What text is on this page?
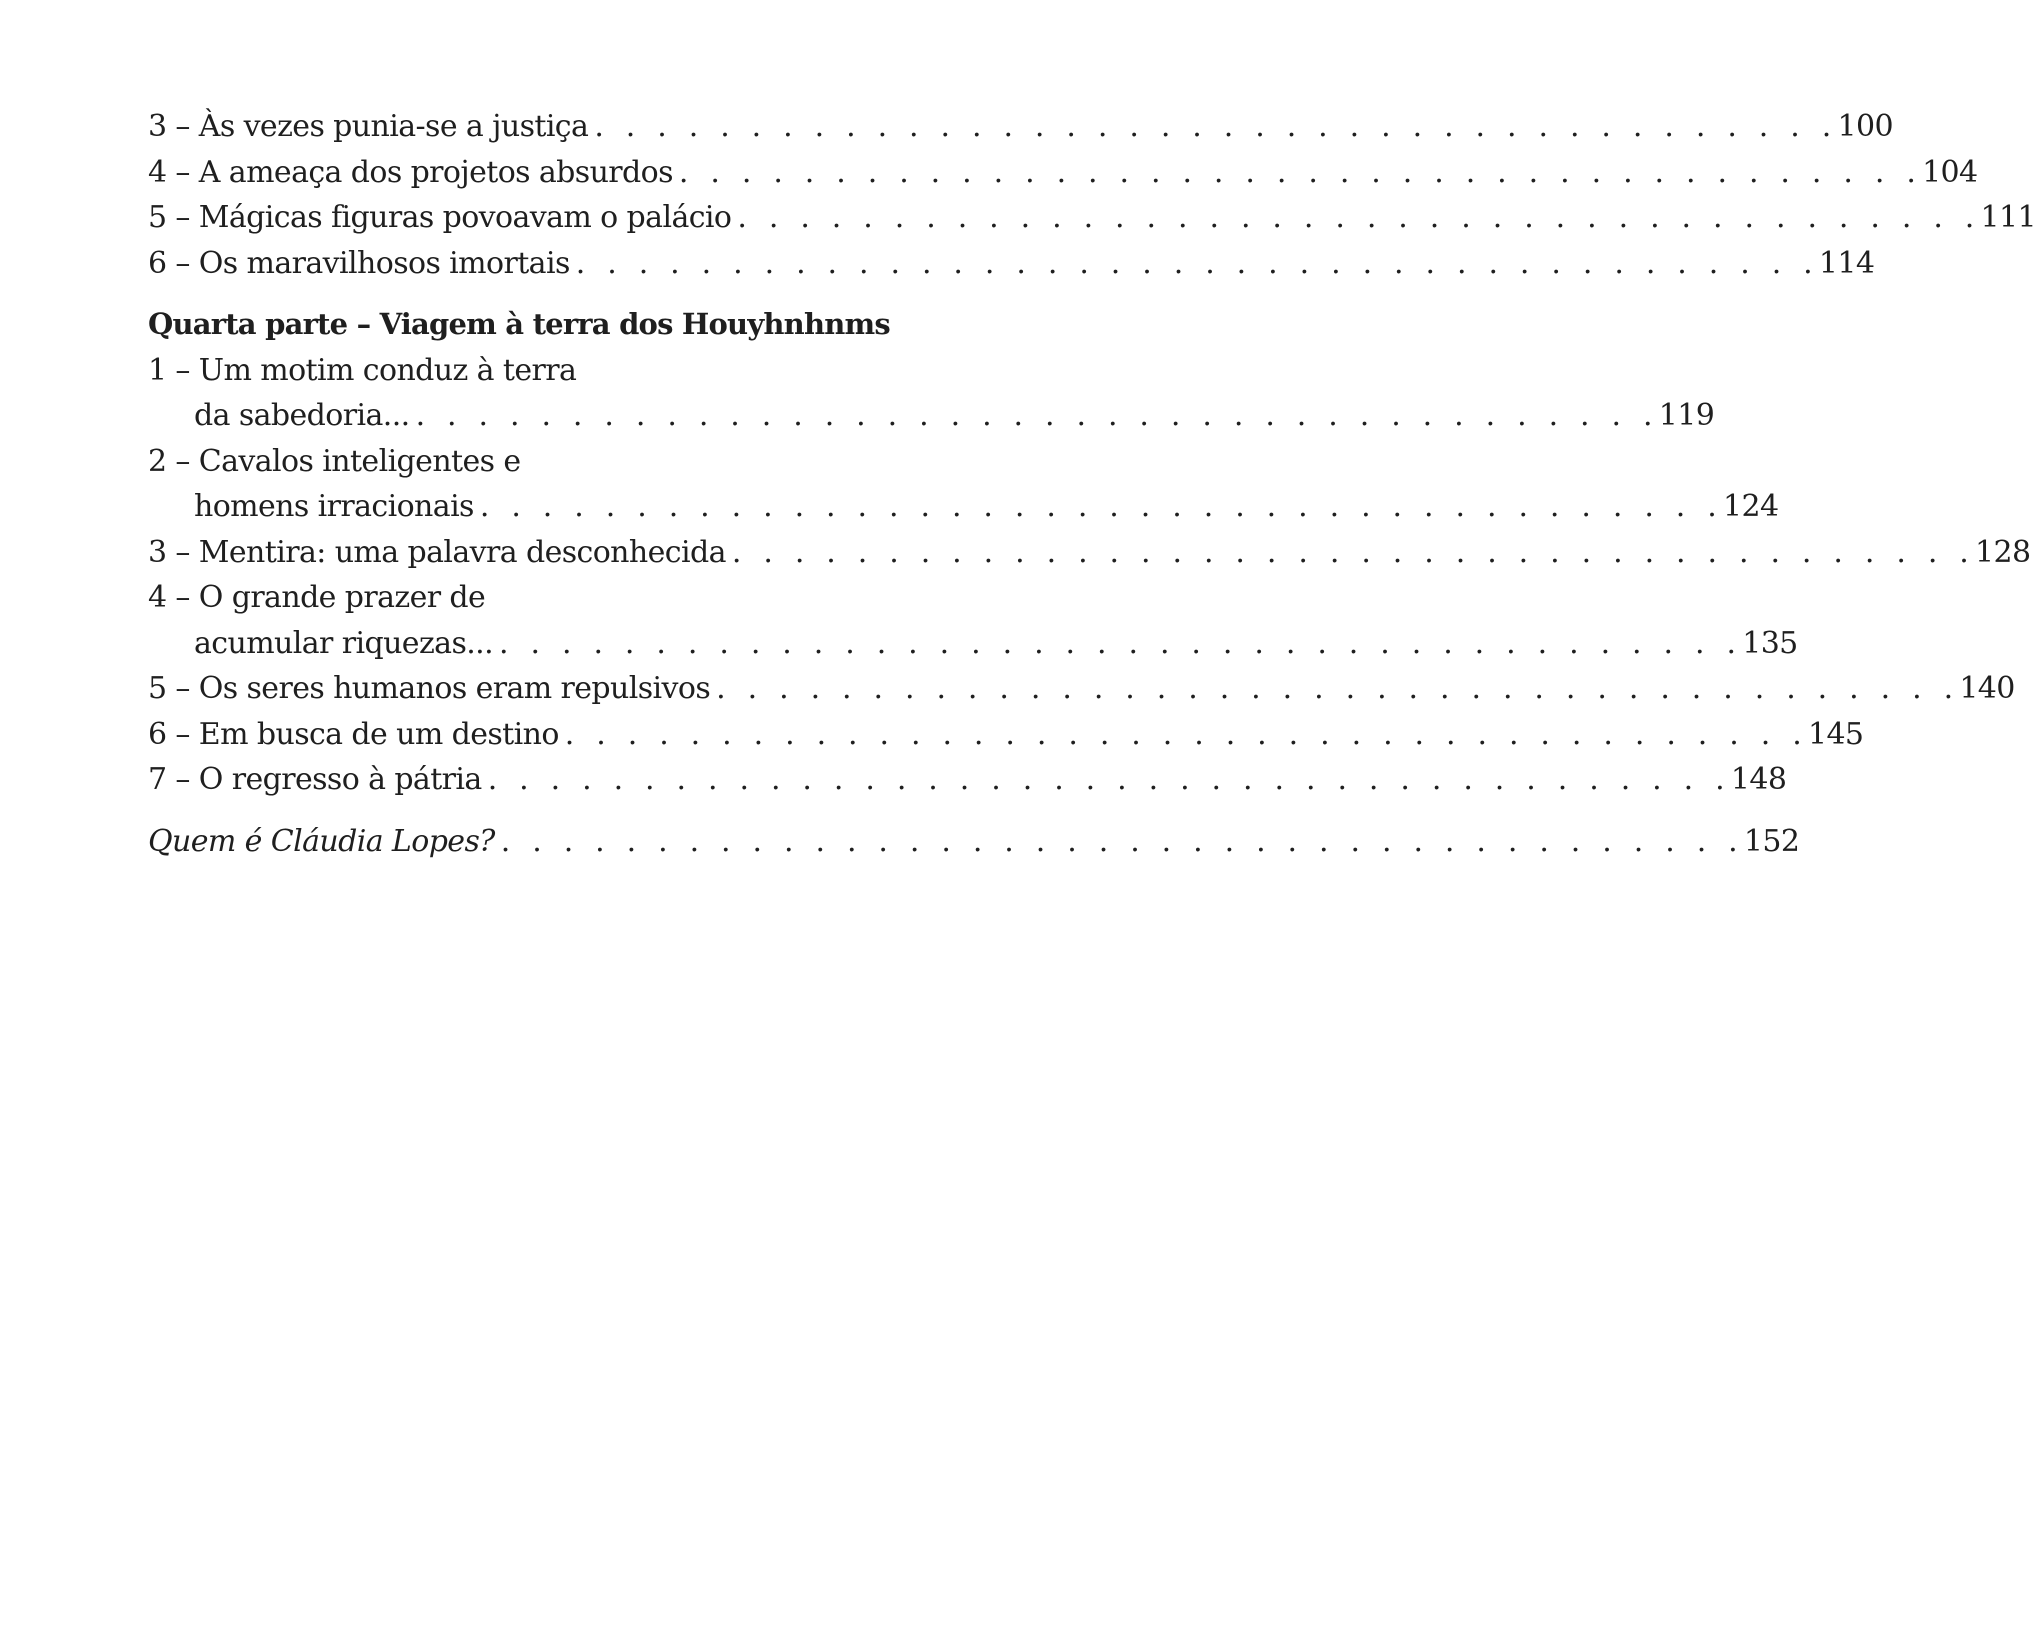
3 – Às vezes punia-se a justiça . . . . . . . . . . . . . . . . . . . . . . . . . . . . . . . . . . . . . . . . 100
4 – A ameaça dos projetos absurdos . . . . . . . . . . . . . . . . . . . . . . . . . . . . . . . . . . . . . . . . 104
5 – Mágicas figuras povoavam o palácio . . . . . . . . . . . . . . . . . . . . . . . . . . . . . . . . . . . . . . . . 111
6 – Os maravilhosos imortais . . . . . . . . . . . . . . . . . . . . . . . . . . . . . . . . . . . . . . . . 114
Quarta parte – Viagem à terra dos Houyhnhnms
1 – Um motim conduz à terra
da sabedoria... . . . . . . . . . . . . . . . . . . . . . . . . . . . . . . . . . . . . . . . . 119
2 – Cavalos inteligentes e
homens irracionais . . . . . . . . . . . . . . . . . . . . . . . . . . . . . . . . . . . . . . . . 124
3 – Mentira: uma palavra desconhecida . . . . . . . . . . . . . . . . . . . . . . . . . . . . . . . . . . . . . . . . 128
4 – O grande prazer de
acumular riquezas... . . . . . . . . . . . . . . . . . . . . . . . . . . . . . . . . . . . . . . . . 135
5 – Os seres humanos eram repulsivos . . . . . . . . . . . . . . . . . . . . . . . . . . . . . . . . . . . . . . . . 140
6 – Em busca de um destino . . . . . . . . . . . . . . . . . . . . . . . . . . . . . . . . . . . . . . . . 145
7 – O regresso à pátria . . . . . . . . . . . . . . . . . . . . . . . . . . . . . . . . . . . . . . . . 148
Quem é Cláudia Lopes? . . . . . . . . . . . . . . . . . . . . . . . . . . . . . . . . . . . . . . . . 152
